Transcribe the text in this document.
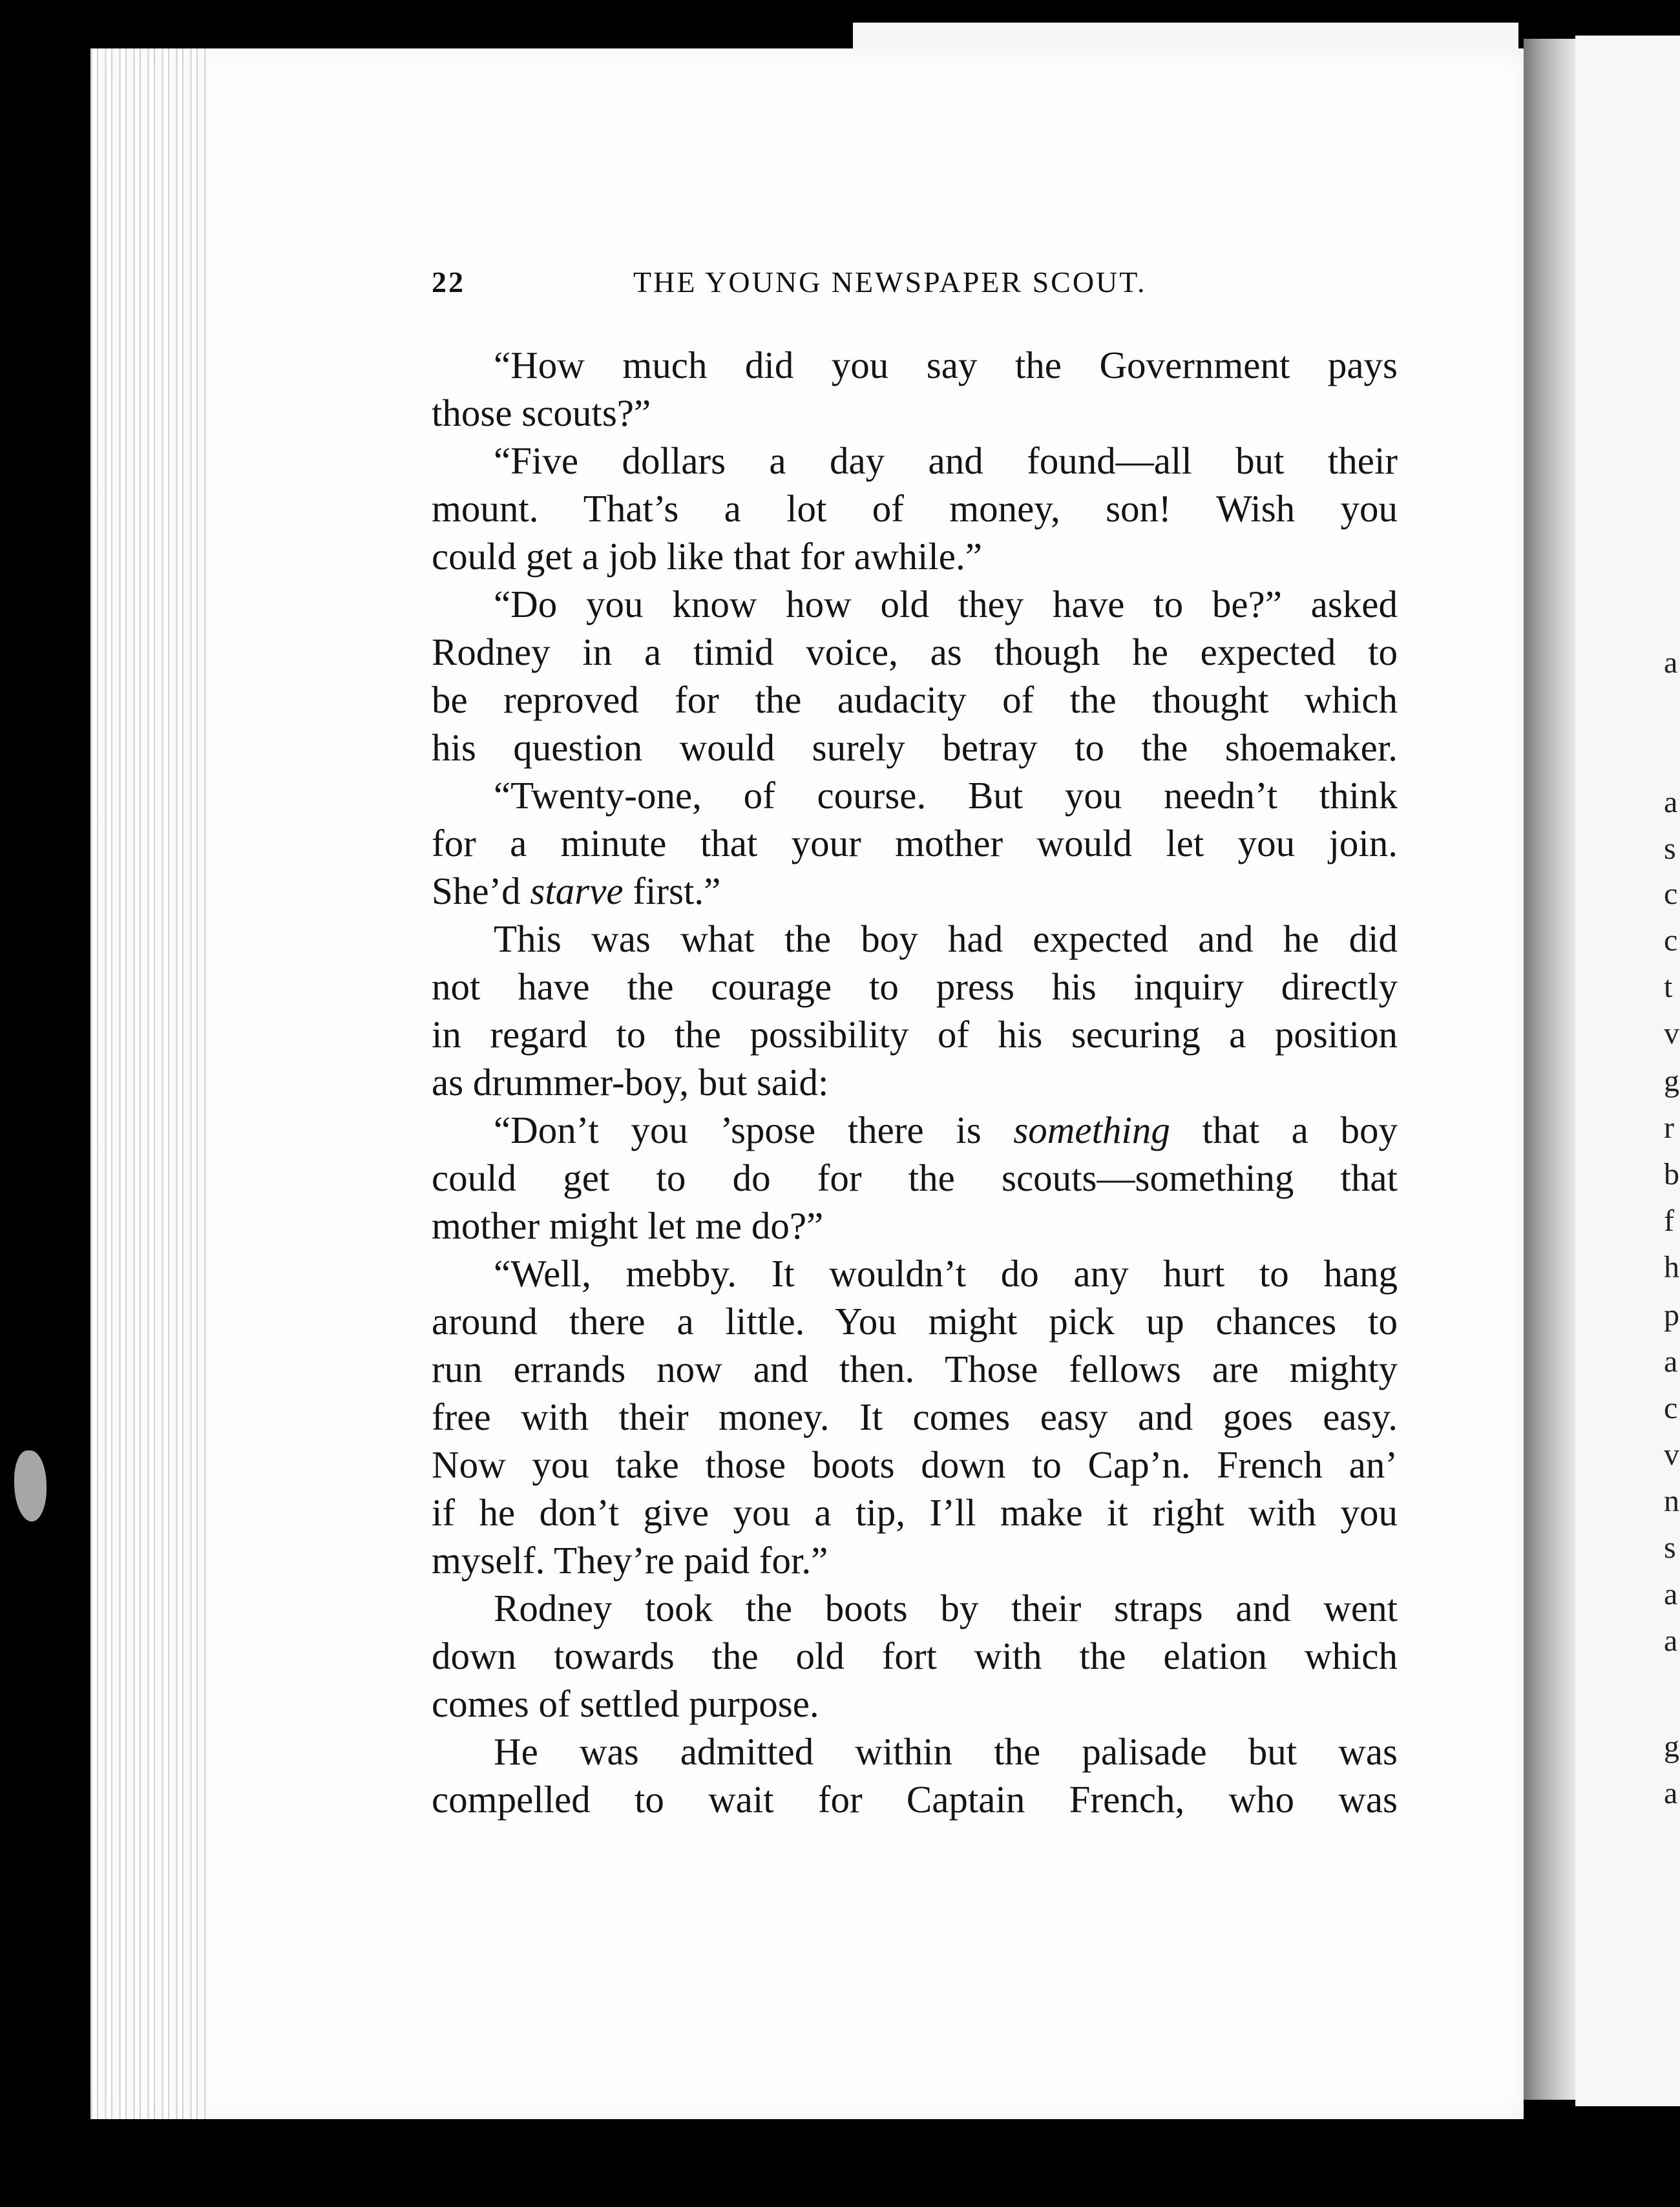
a
a
s
c
c
t
v
g
r
b
f
h
p
a
c
v
n
s
a
a
g
a
22	THE YOUNG NEWSPAPER SCOUT.
“How much did you say the Government pays
those scouts?”
“Five dollars a day and found—all but their
mount. That’s a lot of money, son! Wish you
could get a job like that for awhile.”
“Do you know how old they have to be?” asked
Rodney in a timid voice, as though he expected to
be reproved for the audacity of the thought which
his question would surely betray to the shoemaker.
“Twenty-one, of course. But you needn’t think
for a minute that your mother would let you join.
She’d starve first.”
This was what the boy had expected and he did
not have the courage to press his inquiry directly
in regard to the possibility of his securing a position
as drummer-boy, but said:
“Don’t you ’spose there is something that a boy
could get to do for the scouts—something that
mother might let me do?”
“Well, mebby. It wouldn’t do any hurt to hang
around there a little. You might pick up chances to
run errands now and then. Those fellows are mighty
free with their money. It comes easy and goes easy.
Now you take those boots down to Cap’n. French an’
if he don’t give you a tip, I’ll make it right with you
myself. They’re paid for.”
Rodney took the boots by their straps and went
down towards the old fort with the elation which
comes of settled purpose.
He was admitted within the palisade but was
compelled to wait for Captain French, who was
